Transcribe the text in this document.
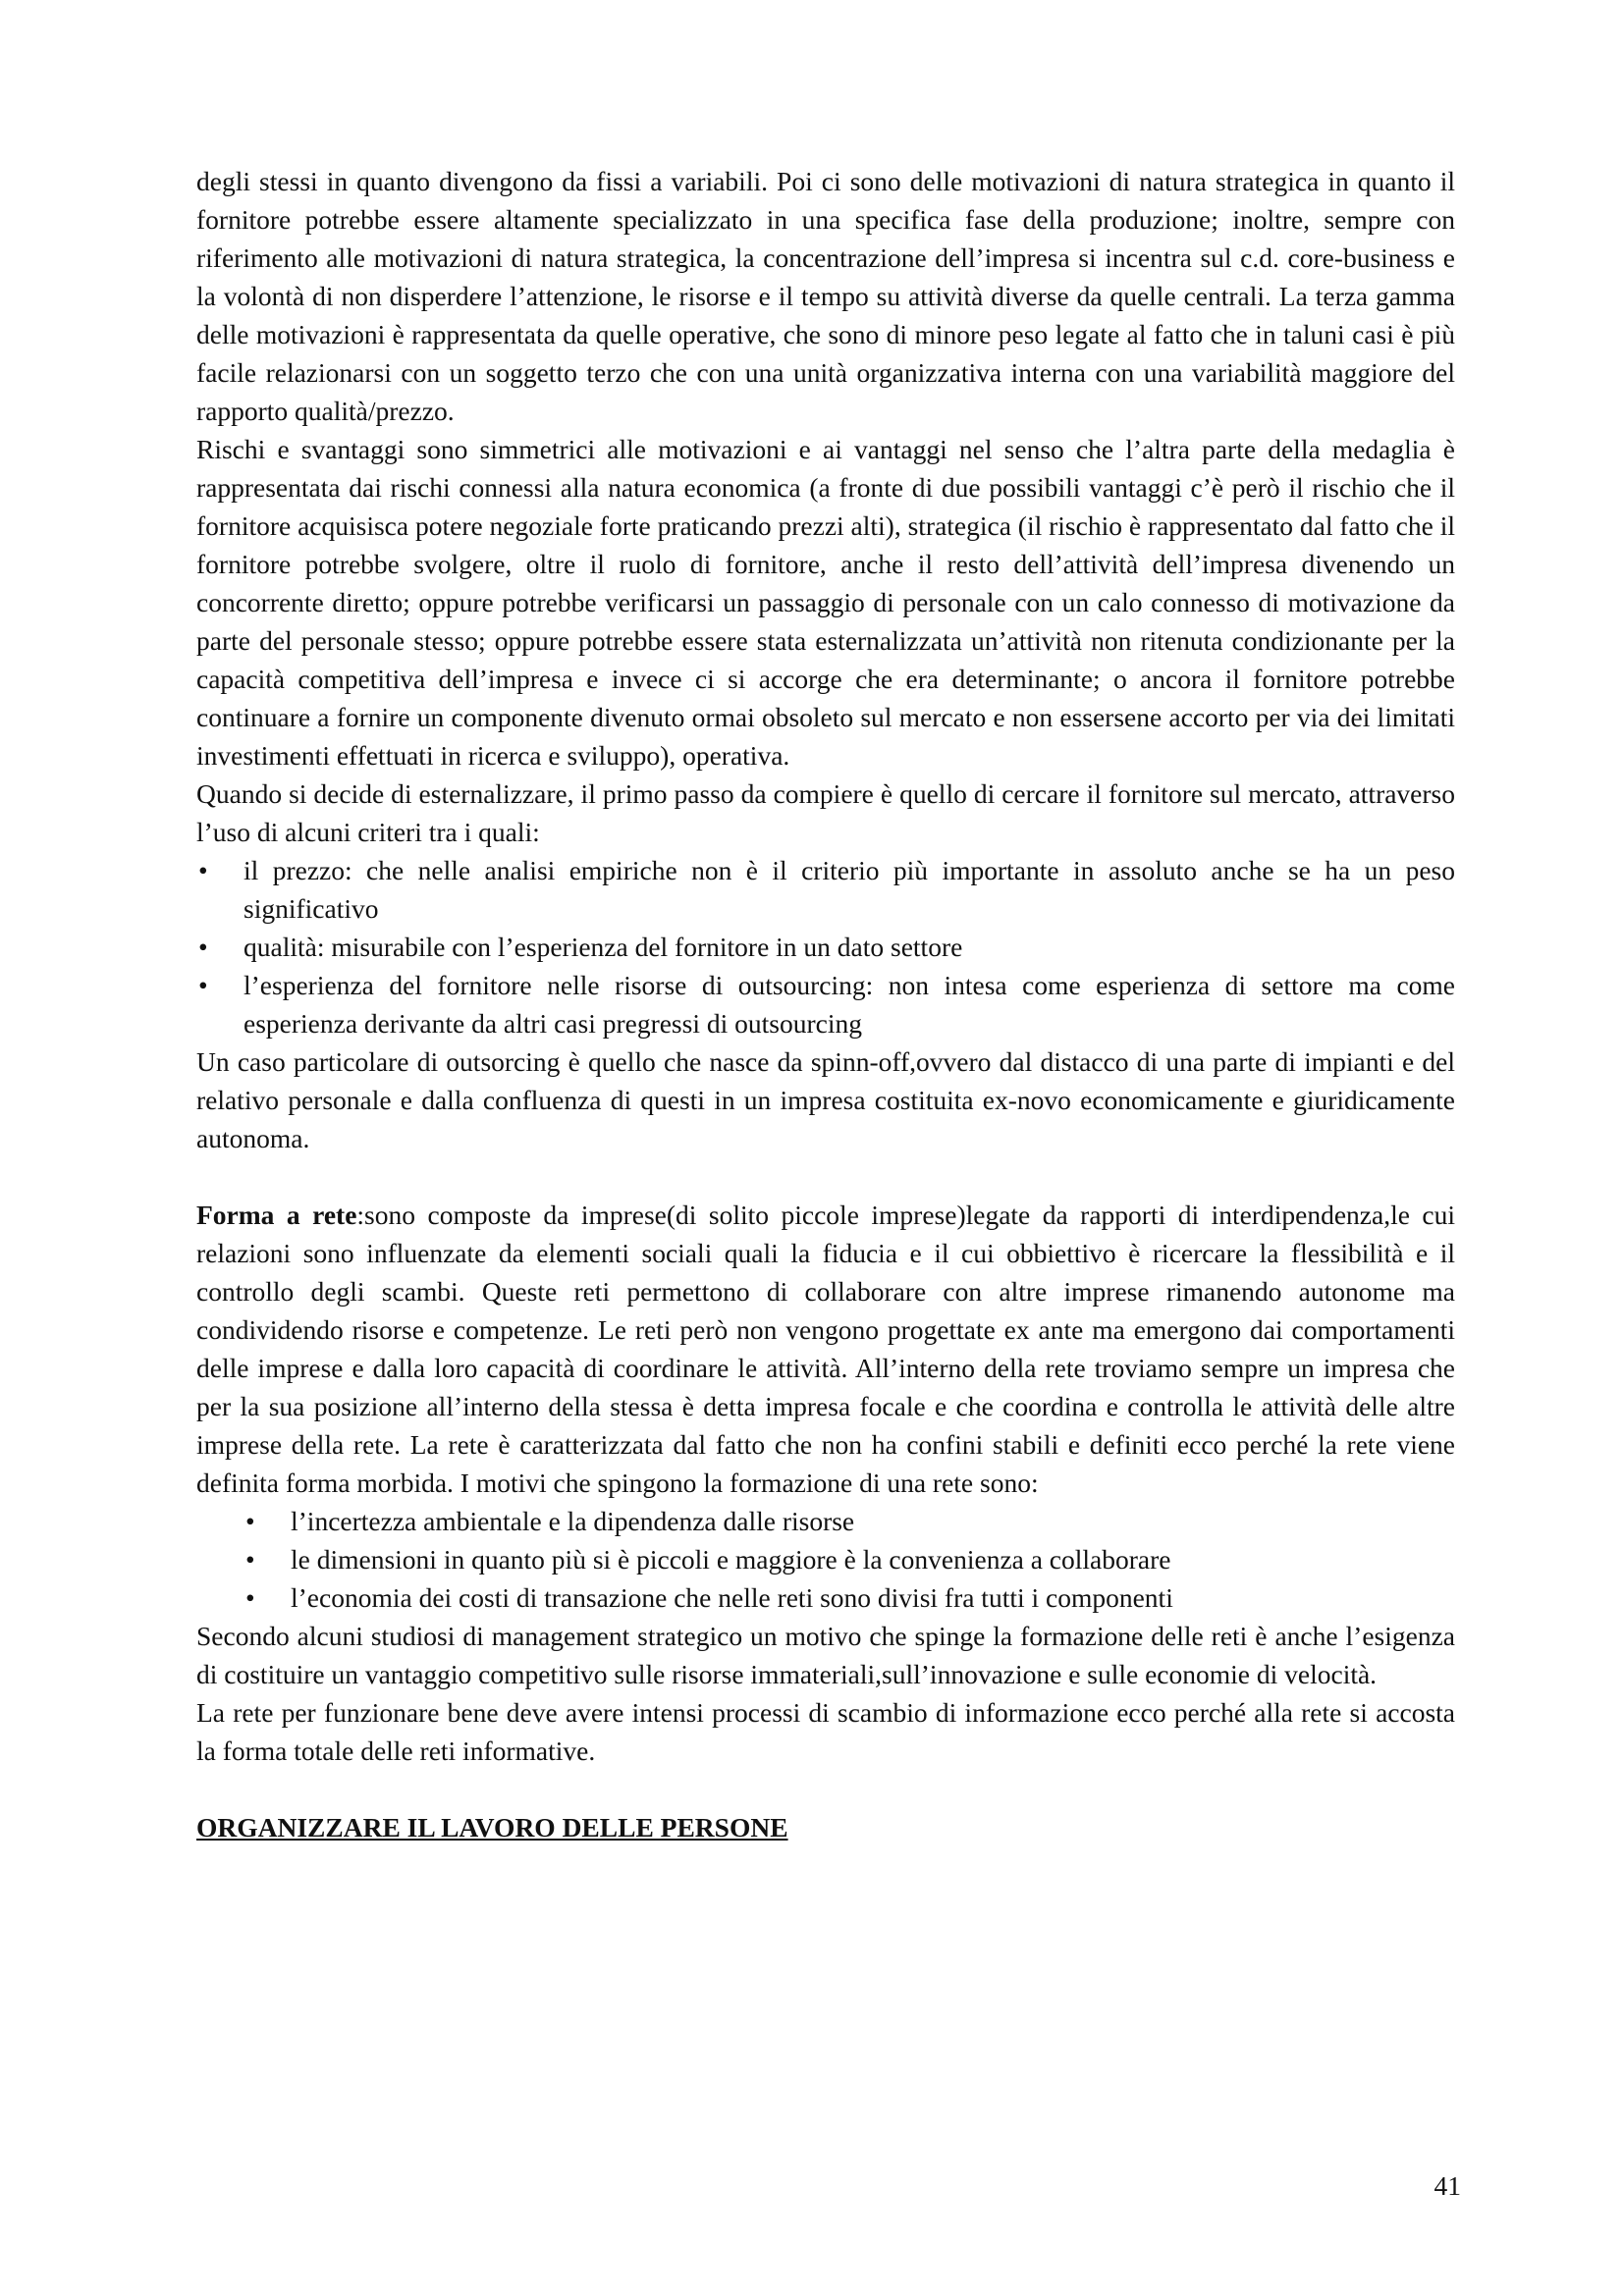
degli stessi in quanto divengono da fissi a variabili. Poi ci sono delle motivazioni di natura strategica in quanto il fornitore potrebbe essere altamente specializzato in una specifica fase della produzione; inoltre, sempre con riferimento alle motivazioni di natura strategica, la concentrazione dell’impresa si incentra sul c.d. core-business e la volontà di non disperdere l’attenzione, le risorse e il tempo su attività diverse da quelle centrali. La terza gamma delle motivazioni è rappresentata da quelle operative, che sono di minore peso legate al fatto che in taluni casi è più facile relazionarsi con un soggetto terzo che con una unità organizzativa interna con una variabilità maggiore del rapporto qualità/prezzo.

Rischi e svantaggi sono simmetrici alle motivazioni e ai vantaggi nel senso che l’altra parte della medaglia è rappresentata dai rischi connessi alla natura economica (a fronte di due possibili vantaggi c’è però il rischio che il fornitore acquisisca potere negoziale forte praticando prezzi alti), strategica (il rischio è rappresentato dal fatto che il fornitore potrebbe svolgere, oltre il ruolo di fornitore, anche il resto dell’attività dell’impresa divenendo un concorrente diretto; oppure potrebbe verificarsi un passaggio di personale con un calo connesso di motivazione da parte del personale stesso; oppure potrebbe essere stata esternalizzata un’attività non ritenuta condizionante per la capacità competitiva dell’impresa e invece ci si accorge che era determinante; o ancora il fornitore potrebbe continuare a fornire un componente divenuto ormai obsoleto sul mercato e non essersene accorto per via dei limitati investimenti effettuati in ricerca e sviluppo), operativa.

Quando si decide di esternalizzare, il primo passo da compiere è quello di cercare il fornitore sul mercato, attraverso l’uso di alcuni criteri tra i quali:

•	il prezzo: che nelle analisi empiriche non è il criterio più importante in assoluto anche se ha un peso significativo
•	qualità: misurabile con l’esperienza del fornitore in un dato settore
•	l’esperienza del fornitore nelle risorse di outsourcing: non intesa come esperienza di settore ma come esperienza derivante da altri casi pregressi di outsourcing

Un caso particolare di outsorcing è quello che nasce da spinn-off,ovvero dal distacco di una parte di impianti e del relativo personale e dalla confluenza di questi in un impresa costituita ex-novo economicamente e giuridicamente autonoma.

Forma a rete:sono composte da imprese(di solito piccole imprese)legate da rapporti di interdipendenza,le cui relazioni sono influenzate da elementi sociali quali la fiducia e il cui obbiettivo è ricercare la flessibilità e il controllo degli scambi. Queste reti permettono di collaborare con altre imprese rimanendo autonome ma condividendo risorse e competenze. Le reti però non vengono progettate ex ante ma emergono dai comportamenti delle imprese e dalla loro capacità di coordinare le attività. All’interno della rete troviamo sempre un impresa che per la sua posizione all’interno della stessa è detta impresa focale e che coordina e controlla le attività delle altre imprese della rete. La rete è caratterizzata dal fatto che non ha confini stabili e definiti ecco perché la rete viene definita forma morbida. I motivi che spingono la formazione di una rete sono:

•	l’incertezza ambientale e la dipendenza dalle risorse
•	le dimensioni in quanto più si è piccoli e maggiore è la convenienza a collaborare
•	l’economia dei costi di transazione che nelle reti sono divisi fra tutti i componenti

Secondo alcuni studiosi di management strategico un motivo che spinge la formazione delle reti è anche l’esigenza di costituire un vantaggio competitivo sulle risorse immateriali,sull’innovazione e sulle economie di velocità.

La rete per funzionare bene deve avere intensi processi di scambio di informazione ecco perché alla rete si accosta la forma totale delle reti informative.

ORGANIZZARE IL LAVORO DELLE PERSONE
41
